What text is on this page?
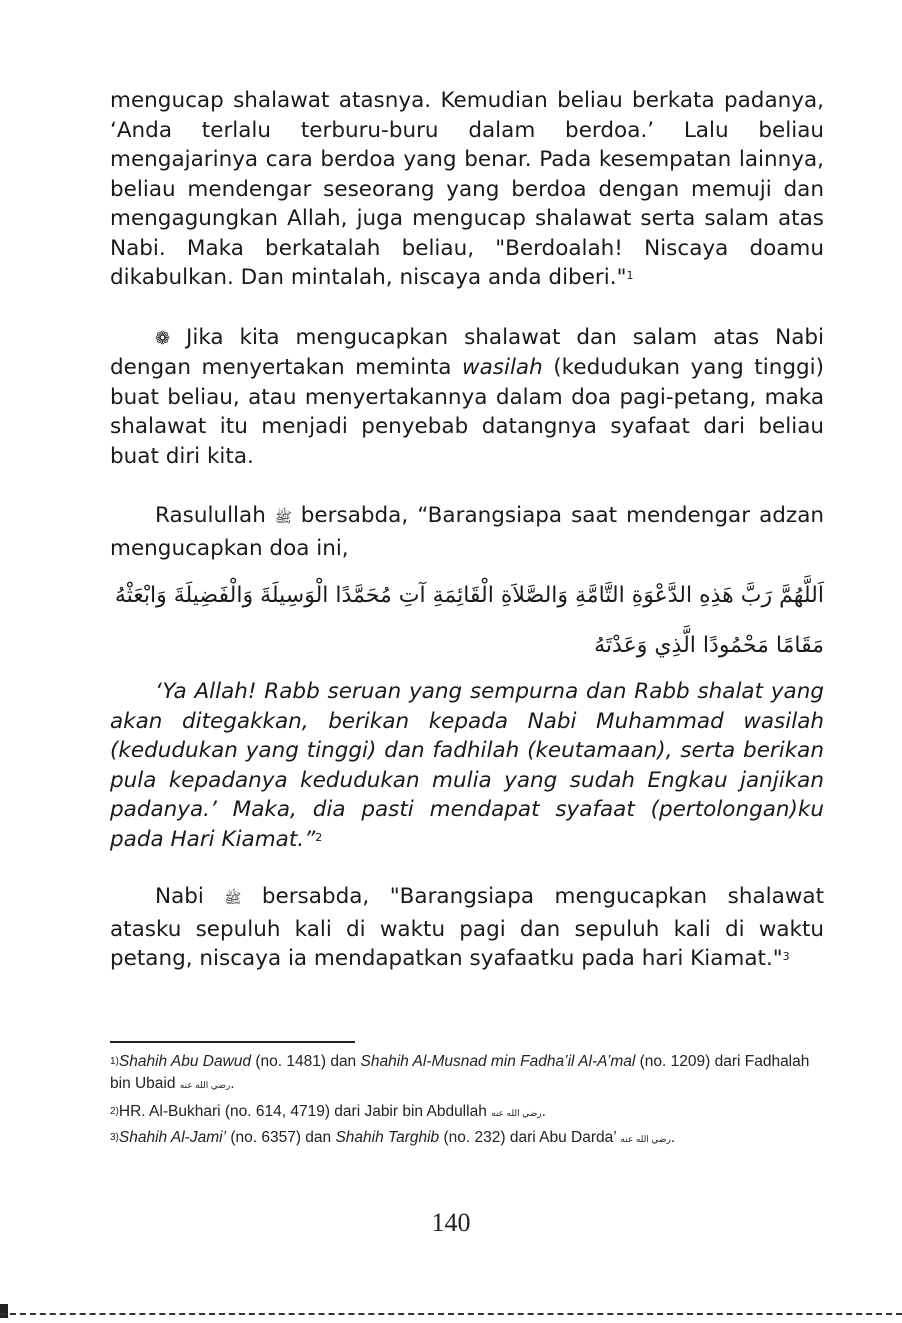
mengucap shalawat atasnya. Kemudian beliau berkata padanya, ‘Anda terlalu terburu-buru dalam berdoa.’ Lalu beliau mengajarinya cara berdoa yang benar. Pada kesempatan lainnya, beliau mendengar seseorang yang berdoa dengan memuji dan mengagungkan Allah, juga mengucap shalawat serta salam atas Nabi. Maka berkatalah beliau, "Berdoalah! Niscaya doamu dikabulkan. Dan mintalah, niscaya anda diberi."$^1$

❁ Jika kita mengucapkan shalawat dan salam atas Nabi dengan menyertakan meminta wasilah (kedudukan yang tinggi) buat beliau, atau menyertakannya dalam doa pagi-petang, maka shalawat itu menjadi penyebab datangnya syafaat dari beliau buat diri kita.

Rasulullah ﷺ bersabda, “Barangsiapa saat mendengar adzan mengucapkan doa ini,

اَللَّهُمَّ رَبَّ هَذِهِ الدَّعْوَةِ التَّامَّةِ وَالصَّلاَةِ الْقَائِمَةِ آتِ مُحَمَّدًا الْوَسِيلَةَ وَالْفَضِيلَةَ وَابْعَثْهُ
مَقَامًا مَحْمُودًا الَّذِي وَعَدْتَهُ

‘Ya Allah! Rabb seruan yang sempurna dan Rabb shalat yang akan ditegakkan, berikan kepada Nabi Muhammad wasilah (kedudukan yang tinggi) dan fadhilah (keutamaan), serta berikan pula kepadanya kedudukan mulia yang sudah Engkau janjikan padanya.’ Maka, dia pasti mendapat syafaat (pertolongan)ku pada Hari Kiamat.”$^2$

Nabi ﷺ bersabda, "Barangsiapa mengucapkan shalawat atasku sepuluh kali di waktu pagi dan sepuluh kali di waktu petang, niscaya ia mendapatkan syafaatku pada hari Kiamat."$^3$

$^{1)}$Shahih Abu Dawud (no. 1481) dan Shahih Al-Musnad min Fadha’il Al-A’mal (no. 1209) dari Fadhalah bin Ubaid رضي الله عنه.
$^{2)}$HR. Al-Bukhari (no. 614, 4719) dari Jabir bin Abdullah رضي الله عنه.
$^{3)}$Shahih Al-Jami’ (no. 6357) dan Shahih Targhib (no. 232) dari Abu Darda’ رضي الله عنه.
140
